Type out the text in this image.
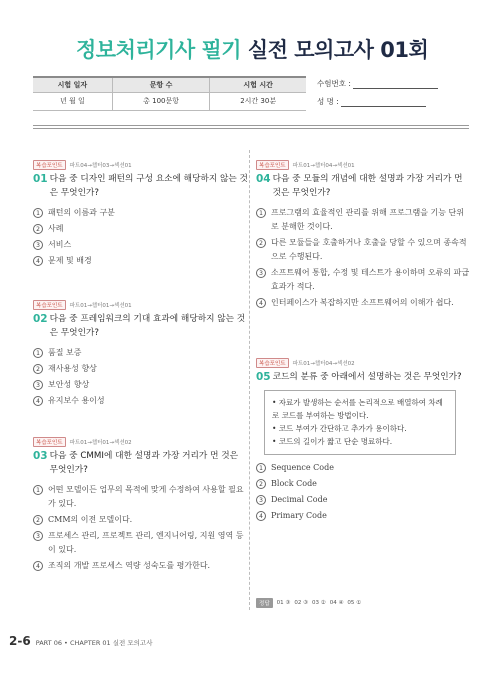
정보처리기사 필기 실전 모의고사 01회
시험 일자	문항 수	시험 시간
년 월 일	총 100문항	2시간 30분
수험번호 :
성 명 :
복습포인트	파트04→챕터03→섹션01
01 다음 중 디자인 패턴의 구성 요소에 해당하지 않는 것은 무엇인가?
1	패턴의 이름과 구분
2	사례
3	서비스
4	문제 및 배경
복습포인트	파트01→챕터01→섹션01
02 다음 중 프레임워크의 기대 효과에 해당하지 않는 것은 무엇인가?
1	품질 보증
2	재사용성 향상
3	보안성 향상
4	유지보수 용이성
복습포인트	파트01→챕터01→섹션02
03 다음 중 CMMI에 대한 설명과 가장 거리가 먼 것은 무엇인가?
1	어떤 모델이든 업무의 목적에 맞게 수정하여 사용할 필요가 있다.
2	CMM의 이전 모델이다.
3	프로세스 관리, 프로젝트 관리, 엔지니어링, 지원 영역 등이 있다.
4	조직의 개발 프로세스 역량 성숙도를 평가한다.
복습포인트	파트01→챕터04→섹션01
04 다음 중 모듈의 개념에 대한 설명과 가장 거리가 먼 것은 무엇인가?
1	프로그램의 효율적인 관리를 위해 프로그램을 기능 단위로 분해한 것이다.
2	다른 모듈들을 호출하거나 호출을 당할 수 있으며 종속적으로 수행된다.
3	소프트웨어 통합, 수정 및 테스트가 용이하며 오류의 파급 효과가 적다.
4	인터페이스가 복잡하지만 소프트웨어의 이해가 쉽다.
복습포인트	파트01→챕터04→섹션02
05 코드의 분류 중 아래에서 설명하는 것은 무엇인가?
• 자료가 발생하는 순서를 논리적으로 배열하여 차례로 코드를 부여하는 방법이다.
• 코드 부여가 간단하고 추가가 용이하다.
• 코드의 길이가 짧고 단순 명료하다.
1	Sequence Code
2	Block Code
3	Decimal Code
4	Primary Code
정답	01 ③ 02 ③ 03 ② 04 ④ 05 ①
2-6 PART 06 • CHAPTER 01 실전 모의고사
